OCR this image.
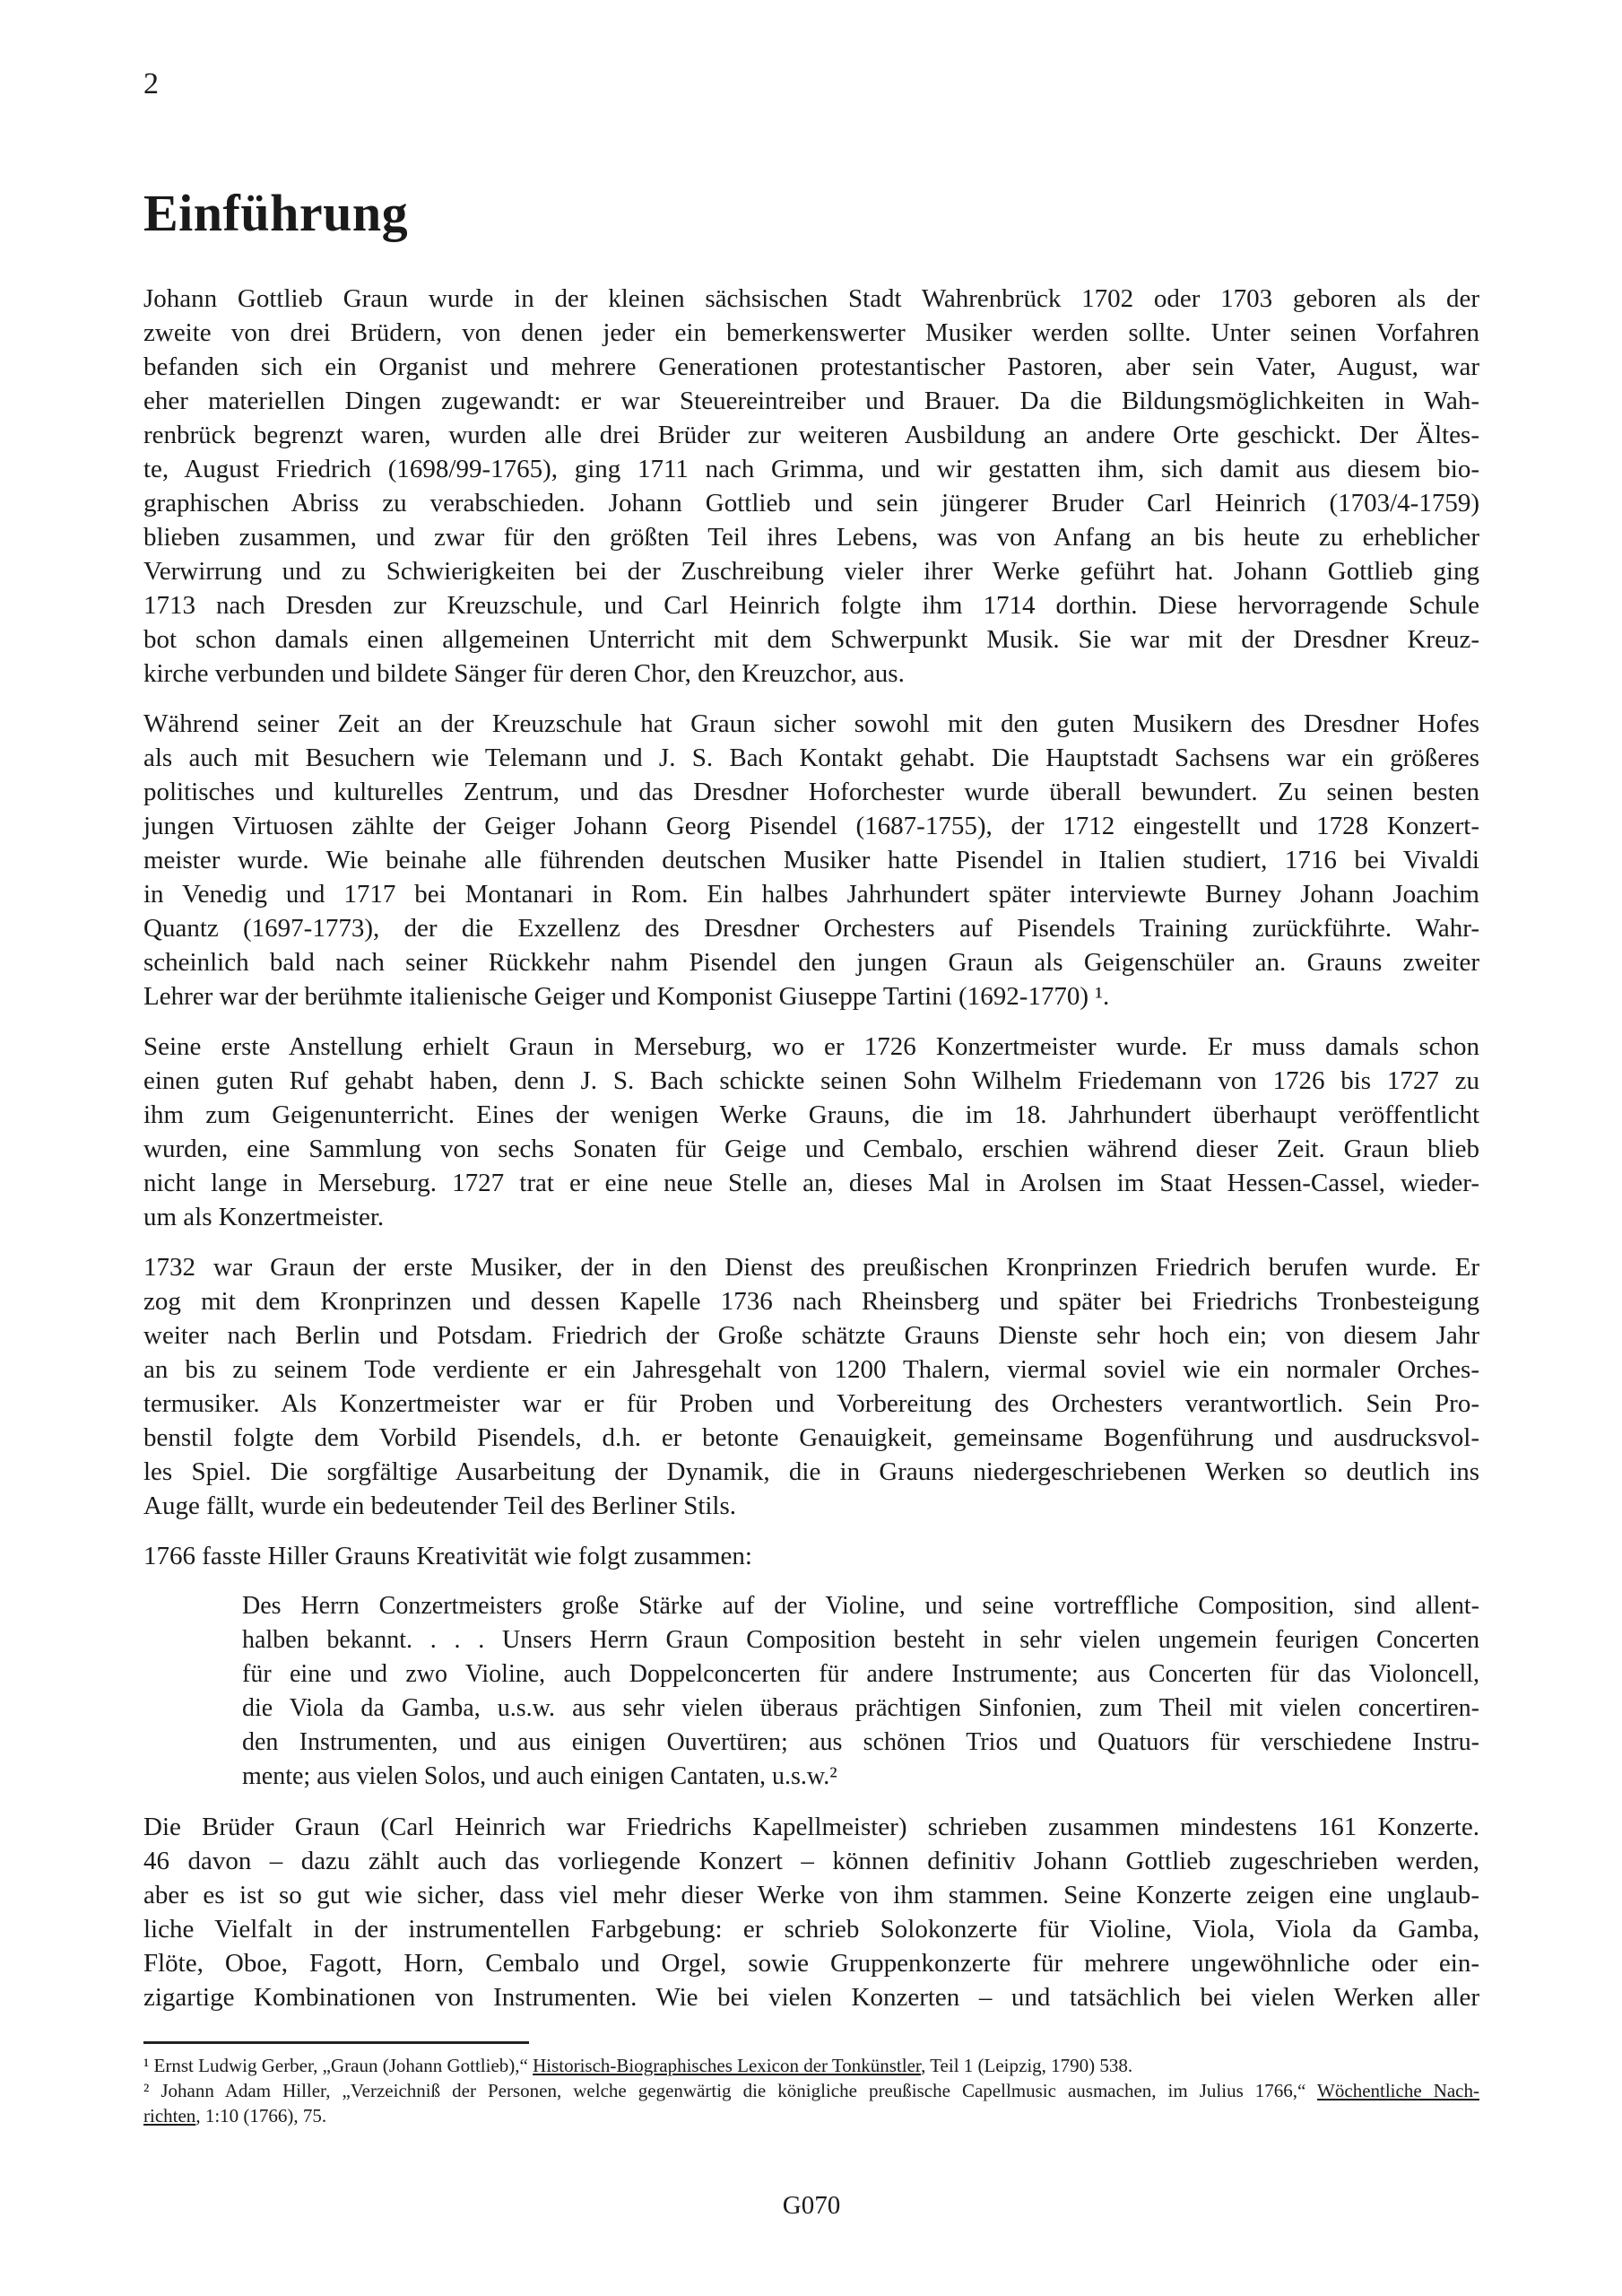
2
Einführung
Johann Gottlieb Graun wurde in der kleinen sächsischen Stadt Wahrenbrück 1702 oder 1703 geboren als der
zweite von drei Brüdern, von denen jeder ein bemerkenswerter Musiker werden sollte. Unter seinen Vorfahren
befanden sich ein Organist und mehrere Generationen protestantischer Pastoren, aber sein Vater, August, war
eher materiellen Dingen zugewandt: er war Steuereintreiber und Brauer. Da die Bildungsmöglichkeiten in Wah-
renbrück begrenzt waren, wurden alle drei Brüder zur weiteren Ausbildung an andere Orte geschickt. Der Ältes-
te, August Friedrich (1698/99-1765), ging 1711 nach Grimma, und wir gestatten ihm, sich damit aus diesem bio-
graphischen Abriss zu verabschieden. Johann Gottlieb und sein jüngerer Bruder Carl Heinrich (1703/4-1759)
blieben zusammen, und zwar für den größten Teil ihres Lebens, was von Anfang an bis heute zu erheblicher
Verwirrung und zu Schwierigkeiten bei der Zuschreibung vieler ihrer Werke geführt hat. Johann Gottlieb ging
1713 nach Dresden zur Kreuzschule, und Carl Heinrich folgte ihm 1714 dorthin. Diese hervorragende Schule
bot schon damals einen allgemeinen Unterricht mit dem Schwerpunkt Musik. Sie war mit der Dresdner Kreuz-
kirche verbunden und bildete Sänger für deren Chor, den Kreuzchor, aus.
Während seiner Zeit an der Kreuzschule hat Graun sicher sowohl mit den guten Musikern des Dresdner Hofes
als auch mit Besuchern wie Telemann und J. S. Bach Kontakt gehabt. Die Hauptstadt Sachsens war ein größeres
politisches und kulturelles Zentrum, und das Dresdner Hoforchester wurde überall bewundert. Zu seinen besten
jungen Virtuosen zählte der Geiger Johann Georg Pisendel (1687-1755), der 1712 eingestellt und 1728 Konzert-
meister wurde. Wie beinahe alle führenden deutschen Musiker hatte Pisendel in Italien studiert, 1716 bei Vivaldi
in Venedig und 1717 bei Montanari in Rom. Ein halbes Jahrhundert später interviewte Burney Johann Joachim
Quantz (1697-1773), der die Exzellenz des Dresdner Orchesters auf Pisendels Training zurückführte. Wahr-
scheinlich bald nach seiner Rückkehr nahm Pisendel den jungen Graun als Geigenschüler an. Grauns zweiter
Lehrer war der berühmte italienische Geiger und Komponist Giuseppe Tartini (1692-1770) ¹.
Seine erste Anstellung erhielt Graun in Merseburg, wo er 1726 Konzertmeister wurde. Er muss damals schon
einen guten Ruf gehabt haben, denn J. S. Bach schickte seinen Sohn Wilhelm Friedemann von 1726 bis 1727 zu
ihm zum Geigenunterricht. Eines der wenigen Werke Grauns, die im 18. Jahrhundert überhaupt veröffentlicht
wurden, eine Sammlung von sechs Sonaten für Geige und Cembalo, erschien während dieser Zeit. Graun blieb
nicht lange in Merseburg. 1727 trat er eine neue Stelle an, dieses Mal in Arolsen im Staat Hessen-Cassel, wieder-
um als Konzertmeister.
1732 war Graun der erste Musiker, der in den Dienst des preußischen Kronprinzen Friedrich berufen wurde. Er
zog mit dem Kronprinzen und dessen Kapelle 1736 nach Rheinsberg und später bei Friedrichs Tronbesteigung
weiter nach Berlin und Potsdam. Friedrich der Große schätzte Grauns Dienste sehr hoch ein; von diesem Jahr
an bis zu seinem Tode verdiente er ein Jahresgehalt von 1200 Thalern, viermal soviel wie ein normaler Orches-
termusiker. Als Konzertmeister war er für Proben und Vorbereitung des Orchesters verantwortlich. Sein Pro-
benstil folgte dem Vorbild Pisendels, d.h. er betonte Genauigkeit, gemeinsame Bogenführung und ausdrucksvol-
les Spiel. Die sorgfältige Ausarbeitung der Dynamik, die in Grauns niedergeschriebenen Werken so deutlich ins
Auge fällt, wurde ein bedeutender Teil des Berliner Stils.
1766 fasste Hiller Grauns Kreativität wie folgt zusammen:
Des Herrn Conzertmeisters große Stärke auf der Violine, und seine vortreffliche Composition, sind allent-
halben bekannt. . . . Unsers Herrn Graun Composition besteht in sehr vielen ungemein feurigen Concerten
für eine und zwo Violine, auch Doppelconcerten für andere Instrumente; aus Concerten für das Violoncell,
die Viola da Gamba, u.s.w. aus sehr vielen überaus prächtigen Sinfonien, zum Theil mit vielen concertiren-
den Instrumenten, und aus einigen Ouvertüren; aus schönen Trios und Quatuors für verschiedene Instru-
mente; aus vielen Solos, und auch einigen Cantaten, u.s.w.²
Die Brüder Graun (Carl Heinrich war Friedrichs Kapellmeister) schrieben zusammen mindestens 161 Konzerte.
46 davon – dazu zählt auch das vorliegende Konzert – können definitiv Johann Gottlieb zugeschrieben werden,
aber es ist so gut wie sicher, dass viel mehr dieser Werke von ihm stammen. Seine Konzerte zeigen eine unglaub-
liche Vielfalt in der instrumentellen Farbgebung: er schrieb Solokonzerte für Violine, Viola, Viola da Gamba,
Flöte, Oboe, Fagott, Horn, Cembalo und Orgel, sowie Gruppenkonzerte für mehrere ungewöhnliche oder ein-
zigartige Kombinationen von Instrumenten. Wie bei vielen Konzerten – und tatsächlich bei vielen Werken aller
¹ Ernst Ludwig Gerber, „Graun (Johann Gottlieb),“ Historisch-Biographisches Lexicon der Tonkünstler, Teil 1 (Leipzig, 1790) 538.
² Johann Adam Hiller, „Verzeichniß der Personen, welche gegenwärtig die königliche preußische Capellmusic ausmachen, im Julius 1766,“ Wöchentliche Nach-
richten, 1:10 (1766), 75.
G070
